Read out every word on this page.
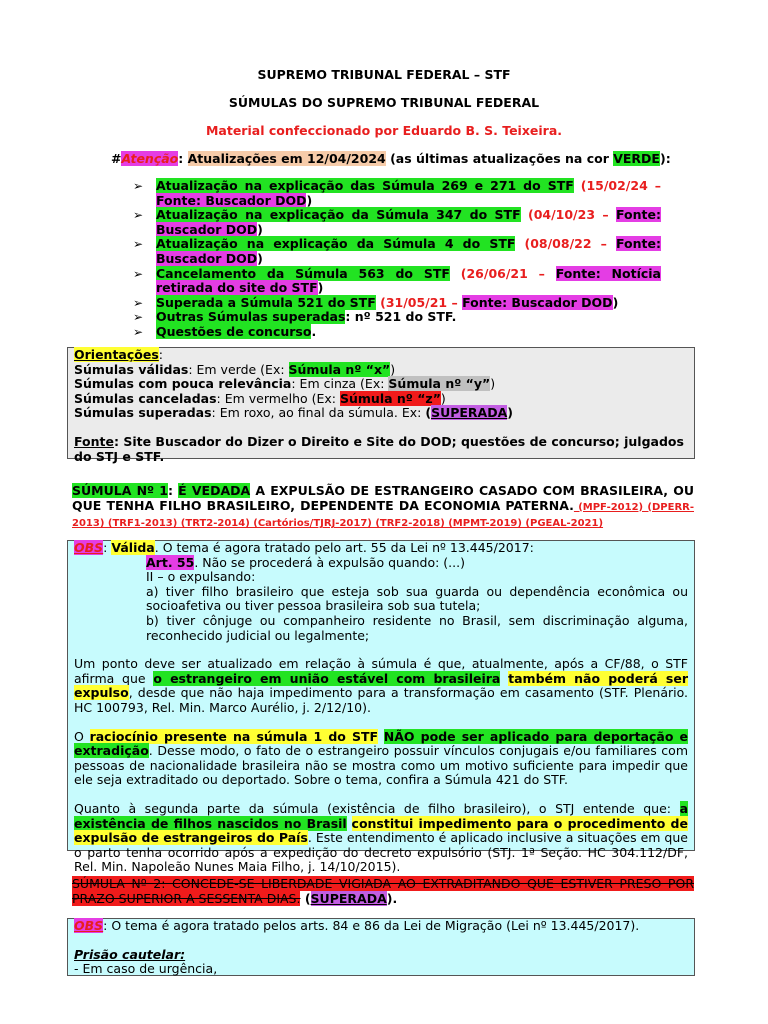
SUPREMO TRIBUNAL FEDERAL – STF
SÚMULAS DO SUPREMO TRIBUNAL FEDERAL
Material confeccionado por Eduardo B. S. Teixeira.
#Atenção: Atualizações em 12/04/2024 (as últimas atualizações na cor VERDE):
➢ Atualização na explicação das Súmula 269 e 271 do STF (15/02/24 – Fonte: Buscador DOD)
➢ Atualização na explicação da Súmula 347 do STF (04/10/23 – Fonte: Buscador DOD)
➢ Atualização na explicação da Súmula 4 do STF (08/08/22 – Fonte: Buscador DOD)
➢ Cancelamento da Súmula 563 do STF (26/06/21 – Fonte: Notícia retirada do site do STF)
➢ Superada a Súmula 521 do STF (31/05/21 – Fonte: Buscador DOD)
➢ Outras Súmulas superadas: nº 521 do STF.
➢ Questões de concurso.

Orientações:

Súmulas válidas: Em verde (Ex: Súmula nº “x”)

Súmulas com pouca relevância: Em cinza (Ex: Súmula nº “y”)

Súmulas canceladas: Em vermelho (Ex: Súmula nº “z”)

Súmulas superadas: Em roxo, ao final da súmula. Ex: (SUPERADA)

Fonte: Site Buscador do Dizer o Direito e Site do DOD; questões de concurso; julgados do STJ e STF.

SÚMULA Nº 1: É VEDADA A EXPULSÃO DE ESTRANGEIRO CASADO COM BRASILEIRA, OU QUE TENHA FILHO BRASILEIRO, DEPENDENTE DA ECONOMIA PATERNA. (MPF-2012) (DPERR-2013) (TRF1-2013) (TRT2-2014) (Cartórios/TJRJ-2017) (TRF2-2018) (MPMT-2019) (PGEAL-2021)

OBS: Válida. O tema é agora tratado pelo art. 55 da Lei nº 13.445/2017:

Art. 55. Não se procederá à expulsão quando: (...)

II – o expulsando:

a) tiver filho brasileiro que esteja sob sua guarda ou dependência econômica ou socioafetiva ou tiver pessoa brasileira sob sua tutela;

b) tiver cônjuge ou companheiro residente no Brasil, sem discriminação alguma, reconhecido judicial ou legalmente;

Um ponto deve ser atualizado em relação à súmula é que, atualmente, após a CF/88, o STF afirma que o estrangeiro em união estável com brasileira também não poderá ser expulso, desde que não haja impedimento para a transformação em casamento (STF. Plenário. HC 100793, Rel. Min. Marco Aurélio, j. 2/12/10).

O raciocínio presente na súmula 1 do STF NÃO pode ser aplicado para deportação e extradição. Desse modo, o fato de o estrangeiro possuir vínculos conjugais e/ou familiares com pessoas de nacionalidade brasileira não se mostra como um motivo suficiente para impedir que ele seja extraditado ou deportado. Sobre o tema, confira a Súmula 421 do STF.

Quanto à segunda parte da súmula (existência de filho brasileiro), o STJ entende que: a existência de filhos nascidos no Brasil constitui impedimento para o procedimento de expulsão de estrangeiros do País. Este entendimento é aplicado inclusive a situações em que o parto tenha ocorrido após a expedição do decreto expulsório (STJ. 1ª Seção. HC 304.112/DF, Rel. Min. Napoleão Nunes Maia Filho, j. 14/10/2015).

SÚMULA Nº 2: CONCEDE-SE LIBERDADE VIGIADA AO EXTRADITANDO QUE ESTIVER PRESO POR PRAZO SUPERIOR A SESSENTA DIAS. (SUPERADA).

OBS: O tema é agora tratado pelos arts. 84 e 86 da Lei de Migração (Lei nº 13.445/2017).

Prisão cautelar:

- Em caso de urgência,
